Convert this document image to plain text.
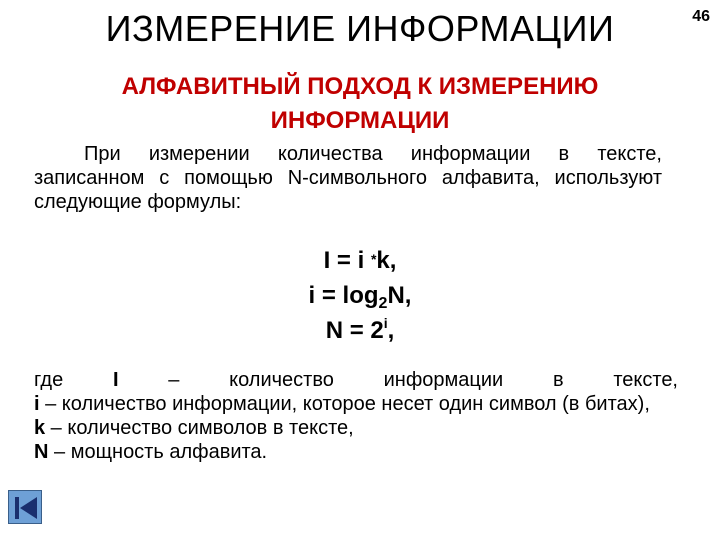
ИЗМЕРЕНИЕ ИНФОРМАЦИИ	46
АЛФАВИТНЫЙ ПОДХОД К ИЗМЕРЕНИЮ
ИНФОРМАЦИИ
При измерении количества информации в тексте, записанном с помощью N-символьного алфавита, используют следующие формулы:
I = i *k,
$i = \log_2N$,
$N = 2^i$,
где I – количество информации в тексте,
i – количество информации, которое несет один символ (в битах),
k – количество символов в тексте,
N – мощность алфавита.
